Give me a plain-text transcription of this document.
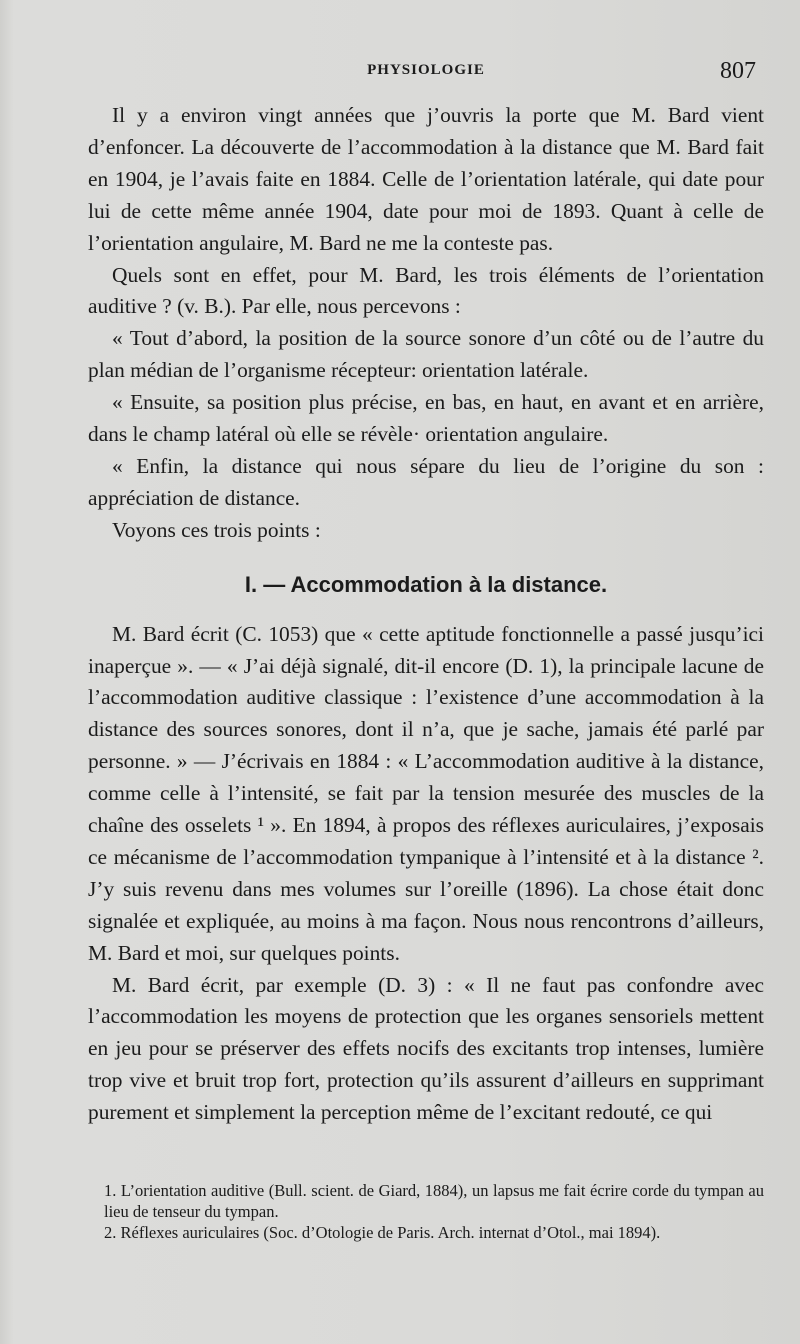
PHYSIOLOGIE	807

Il y a environ vingt années que j’ouvris la porte que M. Bard vient d’enfoncer. La découverte de l’accommodation à la distance que M. Bard fait en 1904, je l’avais faite en 1884. Celle de l’orientation latérale, qui date pour lui de cette même année 1904, date pour moi de 1893. Quant à celle de l’orientation angulaire, M. Bard ne me la conteste pas.

Quels sont en effet, pour M. Bard, les trois éléments de l’orientation auditive ? (v. B.). Par elle, nous percevons :

« Tout d’abord, la position de la source sonore d’un côté ou de l’autre du plan médian de l’organisme récepteur: orientation latérale.

« Ensuite, sa position plus précise, en bas, en haut, en avant et en arrière, dans le champ latéral où elle se révèle· orientation angulaire.

« Enfin, la distance qui nous sépare du lieu de l’origine du son : appréciation de distance.

Voyons ces trois points :

I. — Accommodation à la distance.

M. Bard écrit (C. 1053) que « cette aptitude fonctionnelle a passé jusqu’ici inaperçue ». — « J’ai déjà signalé, dit-il encore (D. 1), la principale lacune de l’accommodation auditive classique : l’existence d’une accommodation à la distance des sources sonores, dont il n’a, que je sache, jamais été parlé par personne. » — J’écrivais en 1884 : « L’accommodation auditive à la distance, comme celle à l’intensité, se fait par la tension mesurée des muscles de la chaîne des osselets ¹ ». En 1894, à propos des réflexes auriculaires, j’exposais ce mécanisme de l’accommodation tympanique à l’intensité et à la distance ². J’y suis revenu dans mes volumes sur l’oreille (1896). La chose était donc signalée et expliquée, au moins à ma façon. Nous nous rencontrons d’ailleurs, M. Bard et moi, sur quelques points.

M. Bard écrit, par exemple (D. 3) : « Il ne faut pas confondre avec l’accommodation les moyens de protection que les organes sensoriels mettent en jeu pour se préserver des effets nocifs des excitants trop intenses, lumière trop vive et bruit trop fort, protection qu’ils assurent d’ailleurs en supprimant purement et simplement la perception même de l’excitant redouté, ce qui

1. L’orientation auditive (Bull. scient. de Giard, 1884), un lapsus me fait écrire corde du tympan au lieu de tenseur du tympan.

2. Réflexes auriculaires (Soc. d’Otologie de Paris. Arch. internat d’Otol., mai 1894).
